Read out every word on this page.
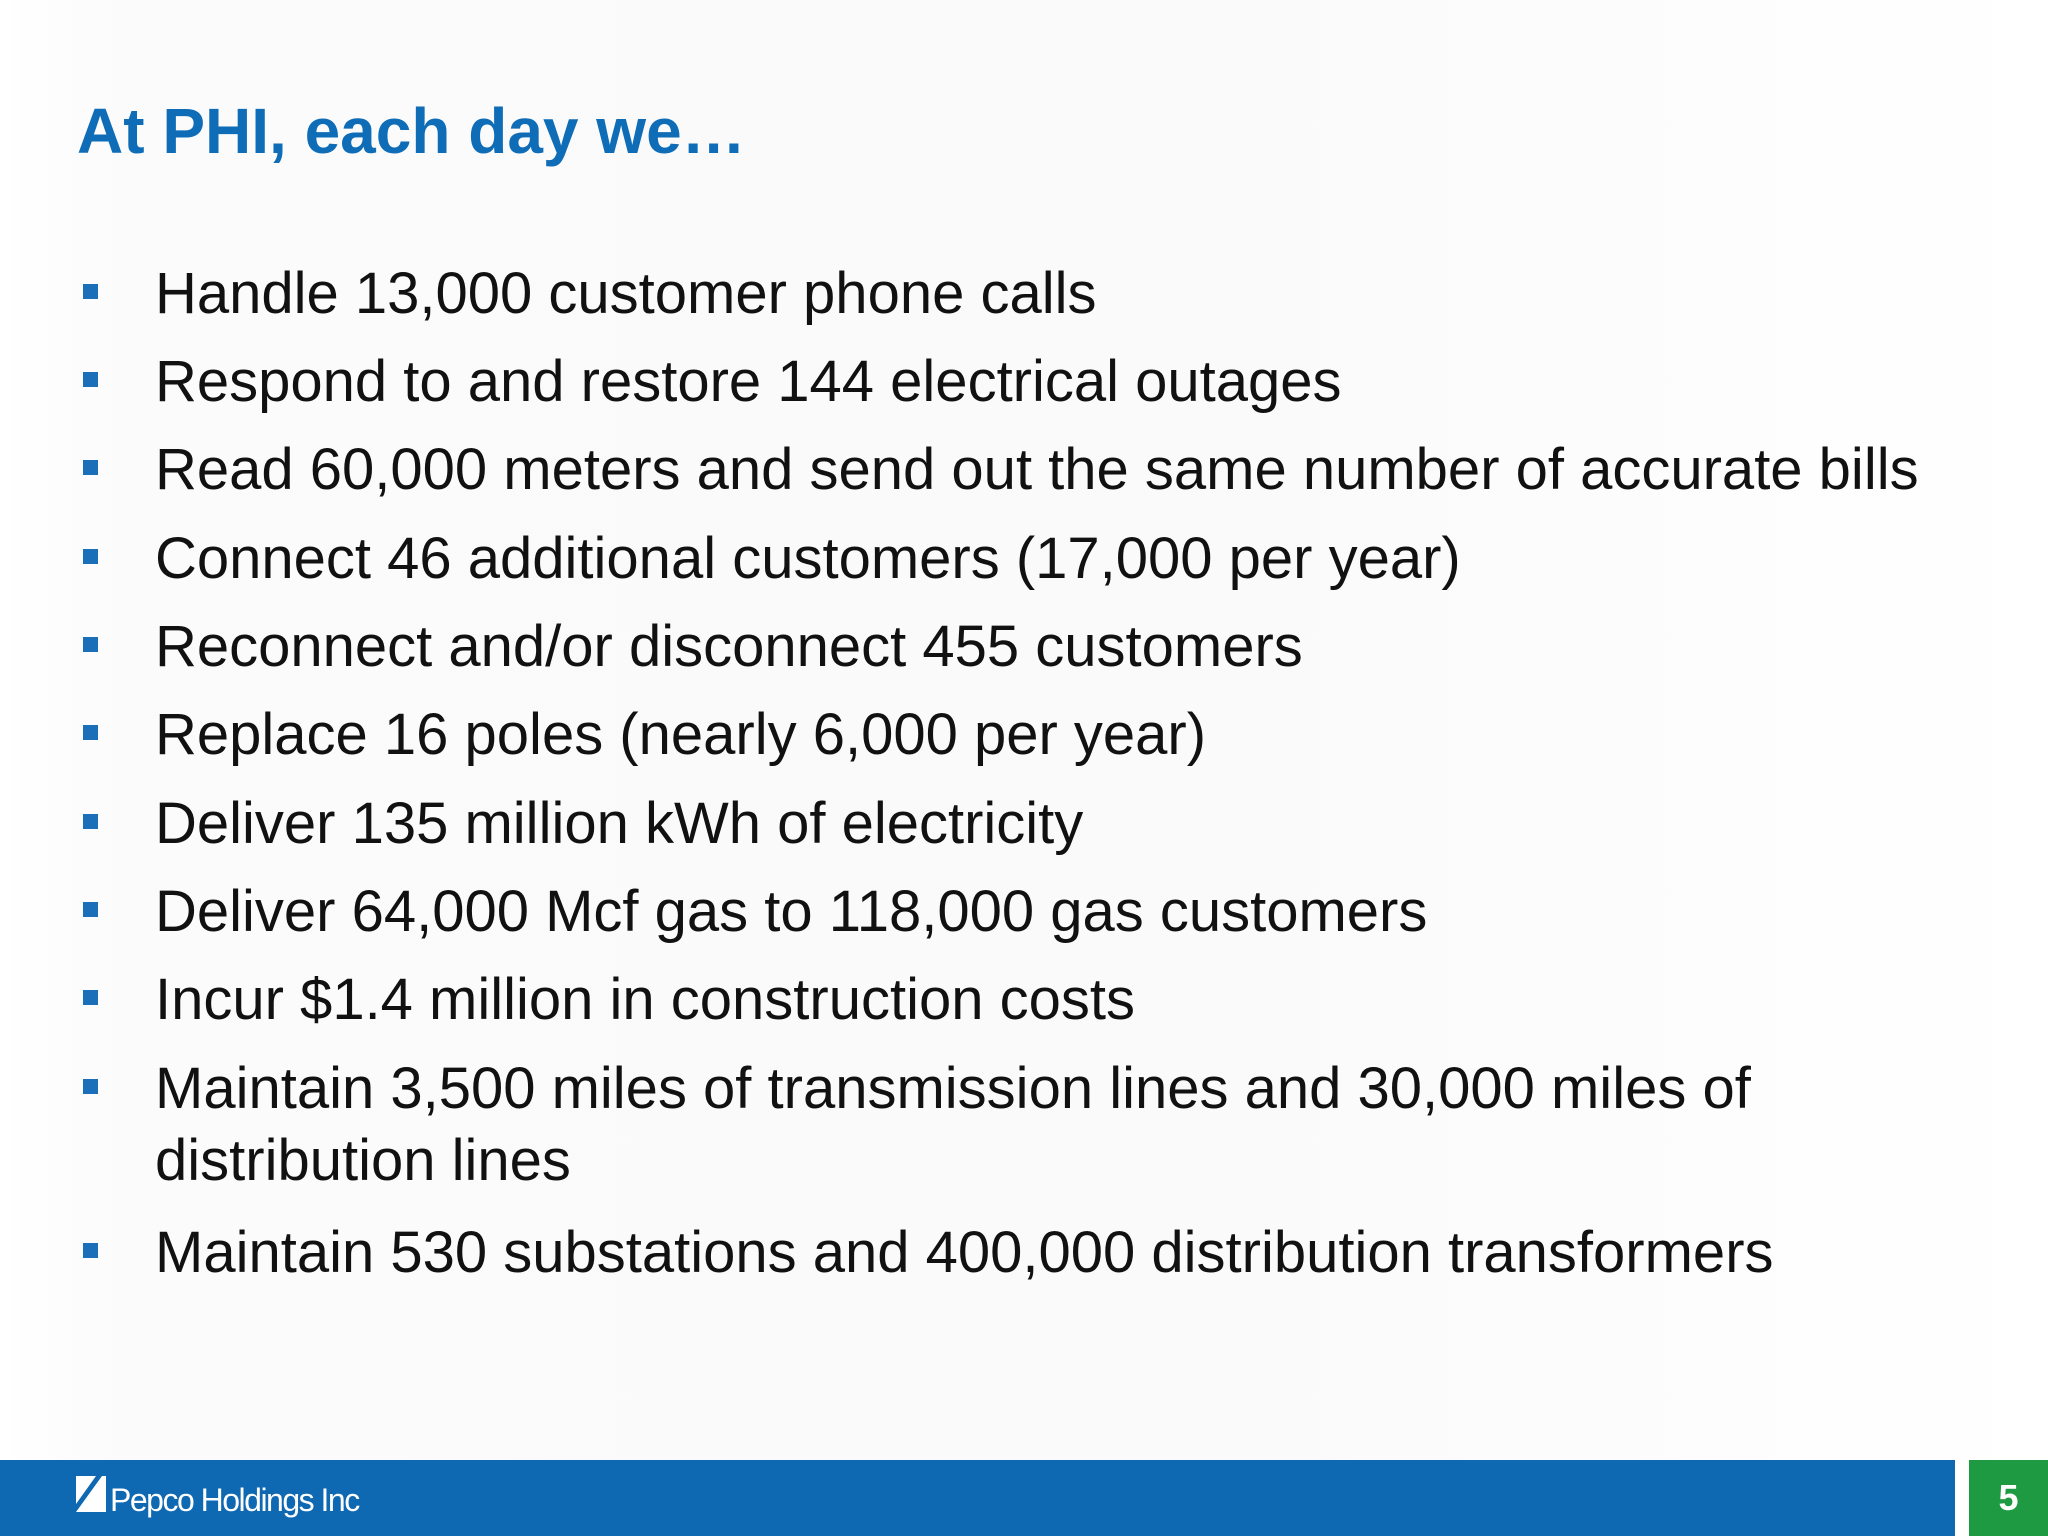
At PHI, each day we…
Handle 13,000 customer phone calls
Respond to and restore 144 electrical outages
Read 60,000 meters and send out the same number of accurate bills
Connect 46 additional customers (17,000 per year)
Reconnect and/or disconnect 455 customers
Replace 16 poles (nearly 6,000 per year)
Deliver 135 million kWh of electricity
Deliver 64,000 Mcf gas to 118,000 gas customers
Incur $1.4 million in construction costs
Maintain 3,500 miles of transmission lines and 30,000 miles of distribution lines
Maintain 530 substations and 400,000 distribution transformers
Pepco Holdings Inc	5
